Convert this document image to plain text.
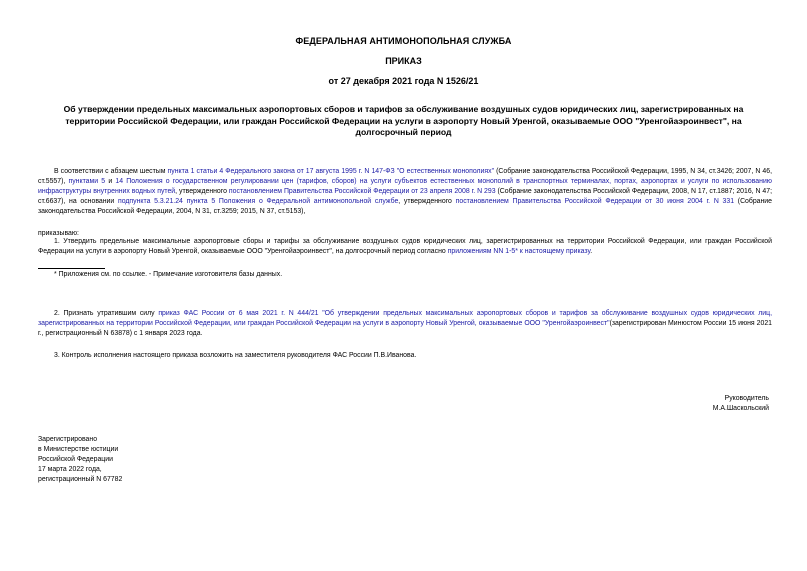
ФЕДЕРАЛЬНАЯ АНТИМОНОПОЛЬНАЯ СЛУЖБА
ПРИКАЗ
от 27 декабря 2021 года N 1526/21
Об утверждении предельных максимальных аэропортовых сборов и тарифов за обслуживание воздушных судов юридических лиц, зарегистрированных на территории Российской Федерации, или граждан Российской Федерации на услуги в аэропорту Новый Уренгой, оказываемые ООО "Уренгойаэроинвест", на долгосрочный период
В соответствии с абзацем шестым пункта 1 статьи 4 Федерального закона от 17 августа 1995 г. N 147-ФЗ "О естественных монополиях" (Собрание законодательства Российской Федерации, 1995, N 34, ст.3426; 2007, N 46, ст.5557), пунктами 5 и 14 Положения о государственном регулировании цен (тарифов, сборов) на услуги субъектов естественных монополий в транспортных терминалах, портах, аэропортах и услуги по использованию инфраструктуры внутренних водных путей, утвержденного постановлением Правительства Российской Федерации от 23 апреля 2008 г. N 293 (Собрание законодательства Российской Федерации, 2008, N 17, ст.1887; 2016, N 47; ст.6637), на основании подпункта 5.3.21.24 пункта 5 Положения о Федеральной антимонопольной службе, утвержденного постановлением Правительства Российской Федерации от 30 июня 2004 г. N 331 (Собрание законодательства Российской Федерации, 2004, N 31, ст.3259; 2015, N 37, ст.5153),
приказываю:
1. Утвердить предельные максимальные аэропортовые сборы и тарифы за обслуживание воздушных судов юридических лиц, зарегистрированных на территории Российской Федерации, или граждан Российской Федерации на услуги в аэропорту Новый Уренгой, оказываемые ООО "Уренгойаэроинвест", на долгосрочный период согласно приложениям NN 1-5* к настоящему приказу.
* Приложения см. по ссылке. - Примечание изготовителя базы данных.
2. Признать утратившим силу приказ ФАС России от 6 мая 2021 г. N 444/21 "Об утверждении предельных максимальных аэропортовых сборов и тарифов за обслуживание воздушных судов юридических лиц, зарегистрированных на территории Российской Федерации, или граждан Российской Федерации на услуги в аэропорту Новый Уренгой, оказываемые ООО "Уренгойаэроинвест"(зарегистрирован Минюстом России 15 июня 2021 г., регистрационный N 63878) с 1 января 2023 года.
3. Контроль исполнения настоящего приказа возложить на заместителя руководителя ФАС России П.В.Иванова.
Руководитель
М.А.Шаскольский
Зарегистрировано
в Министерстве юстиции
Российской Федерации
17 марта 2022 года,
регистрационный N 67782
